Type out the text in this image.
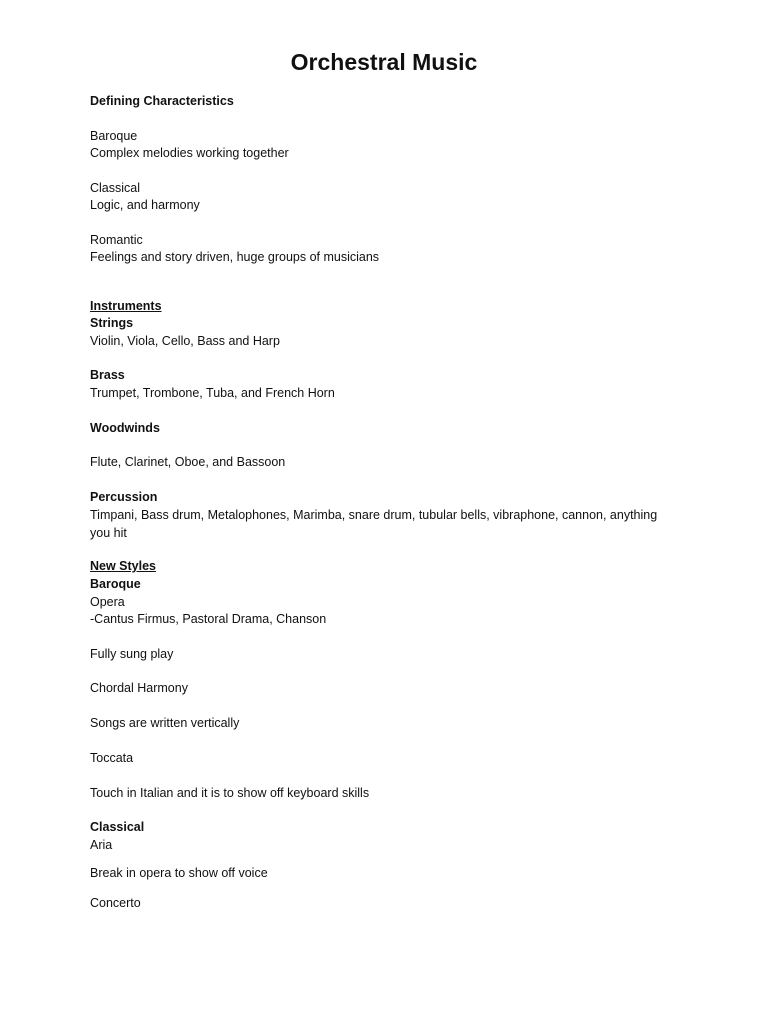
Orchestral Music

Defining Characteristics

Baroque

Complex melodies working together

Classical

Logic, and harmony

Romantic

Feelings and story driven, huge groups of musicians

Instruments

Strings

Violin, Viola, Cello, Bass and Harp

Brass

Trumpet, Trombone, Tuba, and French Horn

Woodwinds

Flute, Clarinet, Oboe, and Bassoon

Percussion

Timpani, Bass drum, Metalophones, Marimba, snare drum, tubular bells, vibraphone, cannon, anything you hit

New Styles

Baroque

Opera

-Cantus Firmus, Pastoral Drama, Chanson

Fully sung play

Chordal Harmony

Songs are written vertically

Toccata

Touch in Italian and it is to show off keyboard skills

Classical

Aria

Break in opera to show off voice

Concerto
